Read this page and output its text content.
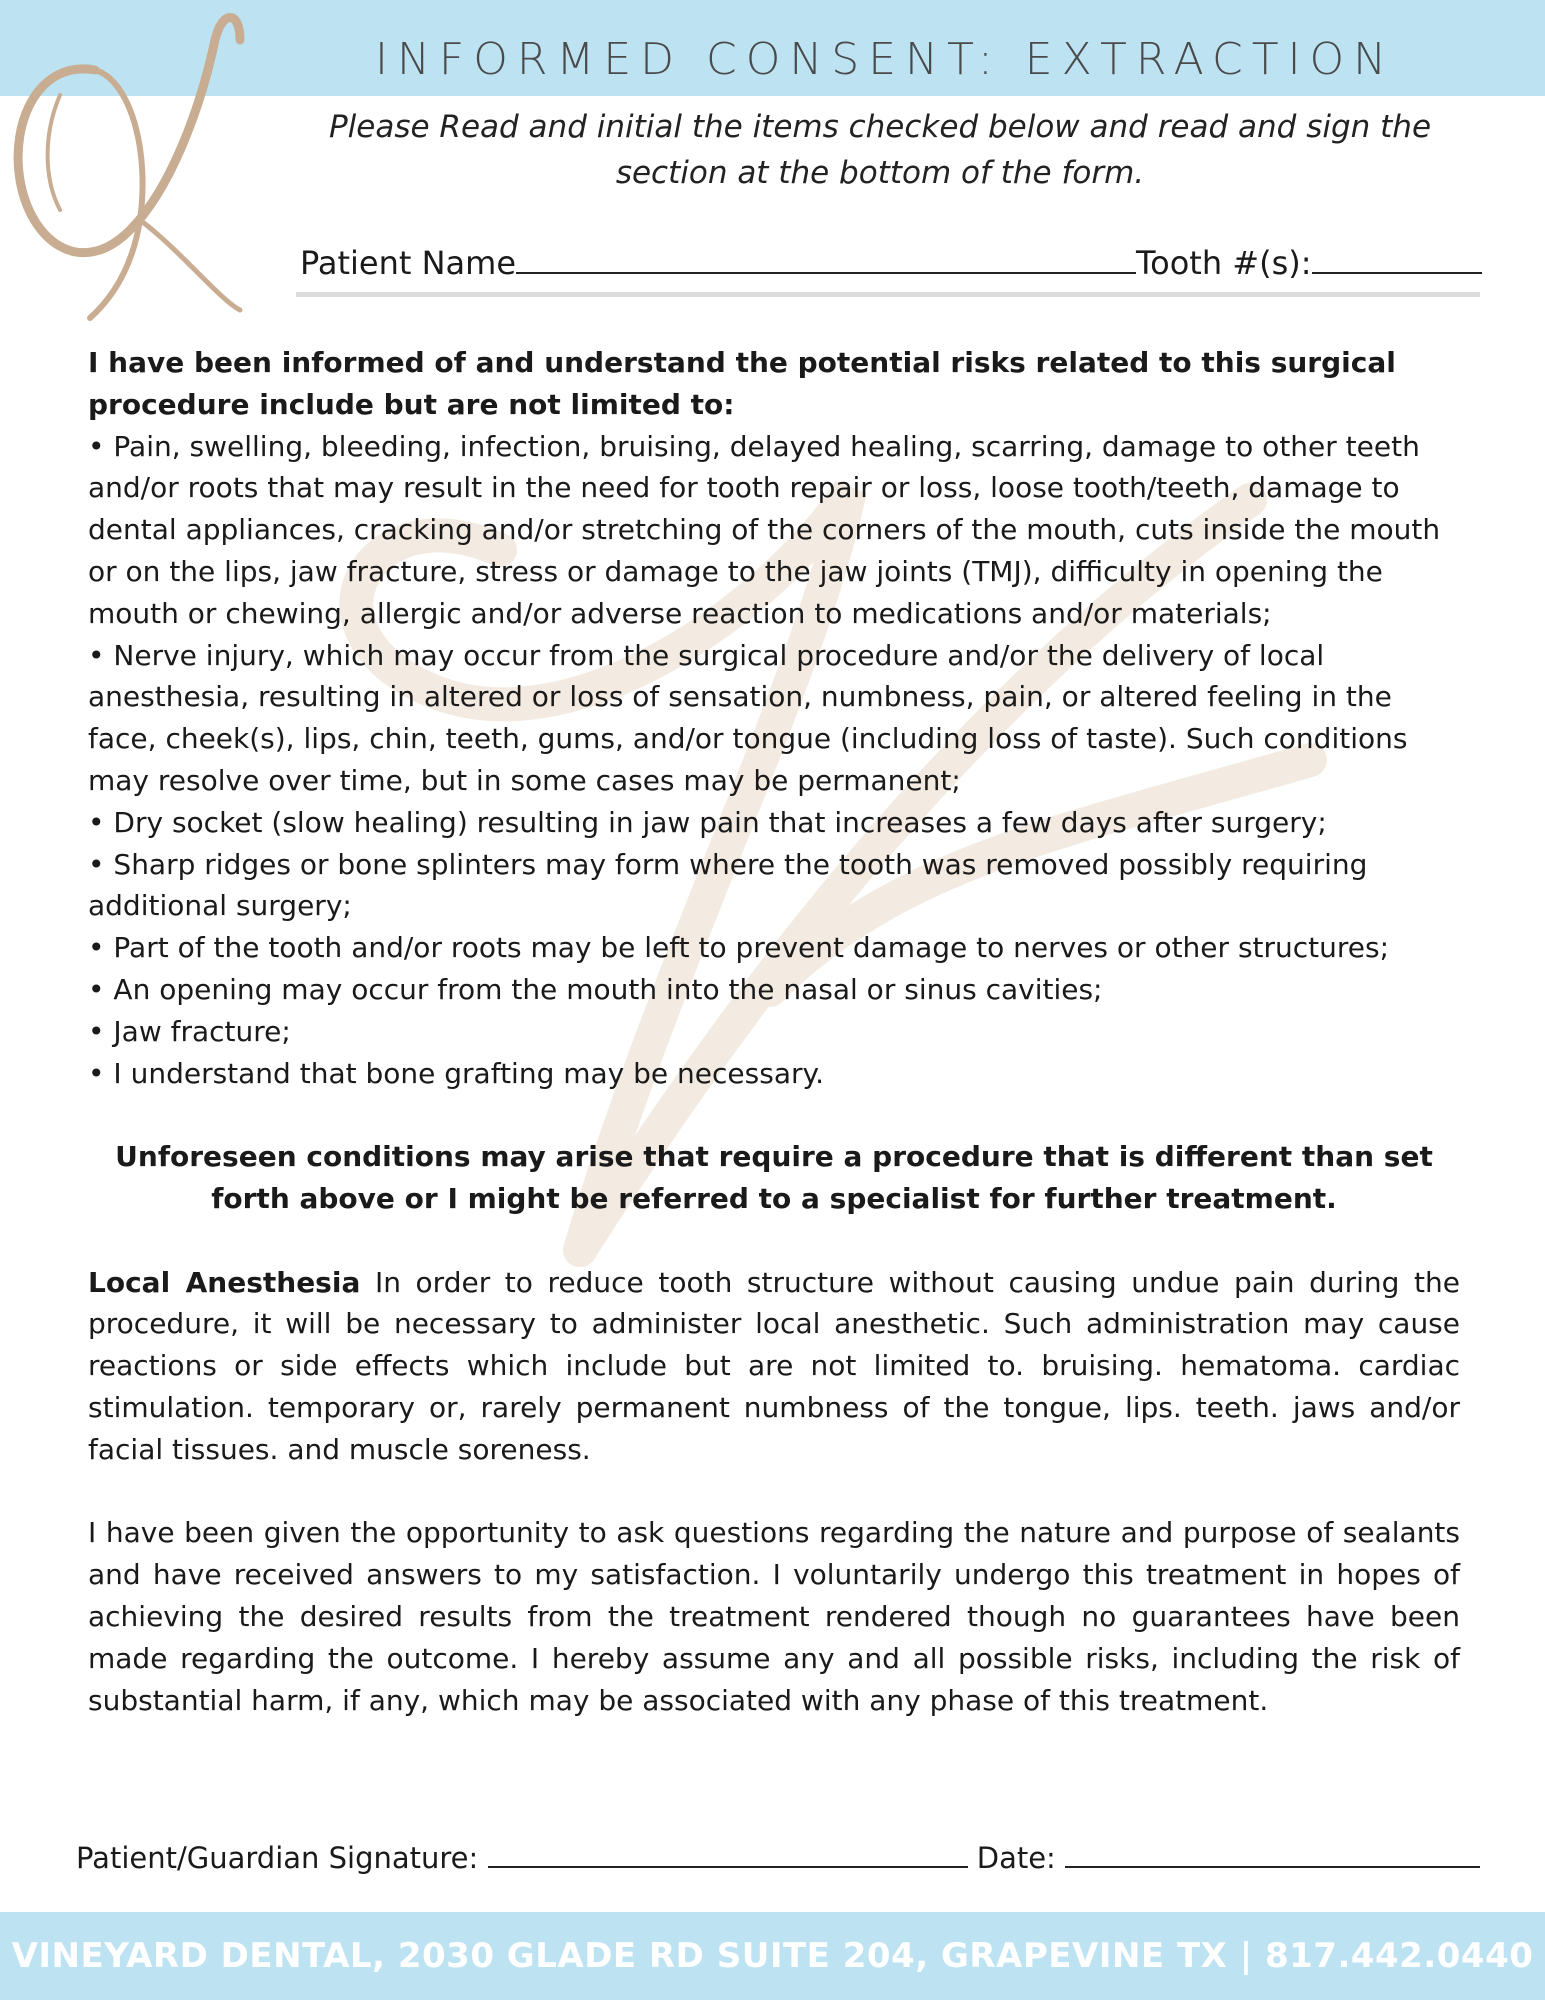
INFORMED CONSENT: EXTRACTION
Please Read and initial the items checked below and read and sign the
section at the bottom of the form.
Patient Name	Tooth #(s):

I have been informed of and understand the potential risks related to this surgical procedure include but are not limited to:

• Pain, swelling, bleeding, infection, bruising, delayed healing, scarring, damage to other teeth and/or roots that may result in the need for tooth repair or loss, loose tooth/teeth, damage to dental appliances, cracking and/or stretching of the corners of the mouth, cuts inside the mouth or on the lips, jaw fracture, stress or damage to the jaw joints (TMJ), difficulty in opening the mouth or chewing, allergic and/or adverse reaction to medications and/or materials;

• Nerve injury, which may occur from the surgical procedure and/or the delivery of local anesthesia, resulting in altered or loss of sensation, numbness, pain, or altered feeling in the face, cheek(s), lips, chin, teeth, gums, and/or tongue (including loss of taste). Such conditions may resolve over time, but in some cases may be permanent;

• Dry socket (slow healing) resulting in jaw pain that increases a few days after surgery;

• Sharp ridges or bone splinters may form where the tooth was removed possibly requiring additional surgery;

• Part of the tooth and/or roots may be left to prevent damage to nerves or other structures;

• An opening may occur from the mouth into the nasal or sinus cavities;

• Jaw fracture;

• I understand that bone grafting may be necessary.

Unforeseen conditions may arise that require a procedure that is different than set forth above or I might be referred to a specialist for further treatment.

Local Anesthesia In order to reduce tooth structure without causing undue pain during the procedure, it will be necessary to administer local anesthetic. Such administration may cause reactions or side effects which include but are not limited to. bruising. hematoma. cardiac stimulation. temporary or, rarely permanent numbness of the tongue, lips. teeth. jaws and/or facial tissues. and muscle soreness.

I have been given the opportunity to ask questions regarding the nature and purpose of sealants and have received answers to my satisfaction. I voluntarily undergo this treatment in hopes of achieving the desired results from the treatment rendered though no guarantees have been made regarding the outcome. I hereby assume any and all possible risks, including the risk of substantial harm, if any, which may be associated with any phase of this treatment.

Patient/Guardian Signature:	Date:
VINEYARD DENTAL, 2030 GLADE RD SUITE 204, GRAPEVINE TX | 817.442.0440
